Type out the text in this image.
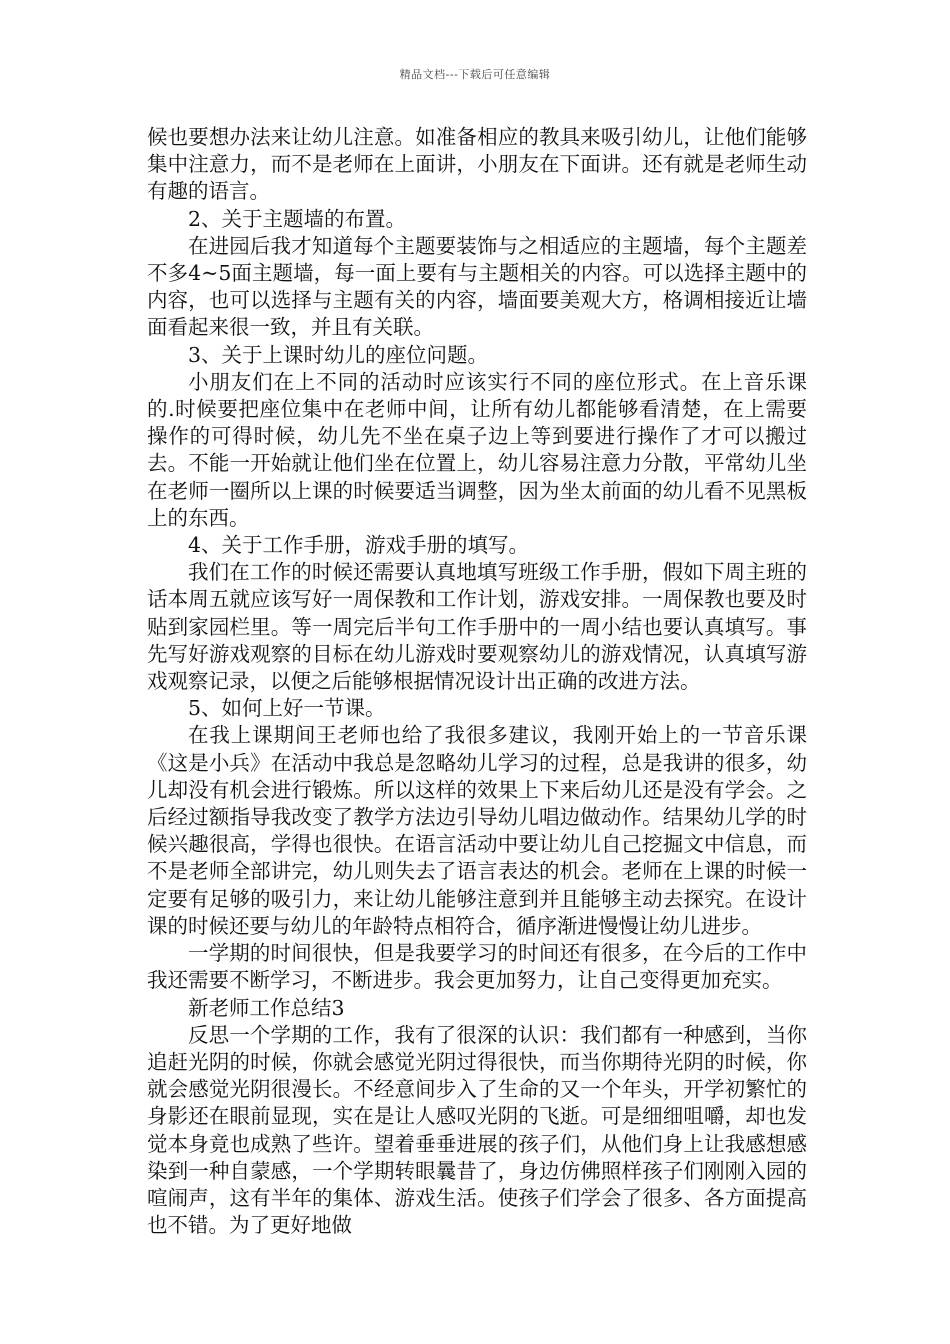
精品文档---下载后可任意编辑

候也要想办法来让幼儿注意。如准备相应的教具来吸引幼儿，让他们能够集中注意力，而不是老师在上面讲，小朋友在下面讲。还有就是老师生动有趣的语言。

2、关于主题墙的布置。

在进园后我才知道每个主题要装饰与之相适应的主题墙，每个主题差不多4~5面主题墙，每一面上要有与主题相关的内容。可以选择主题中的内容，也可以选择与主题有关的内容，墙面要美观大方，格调相接近让墙面看起来很一致，并且有关联。

3、关于上课时幼儿的座位问题。

小朋友们在上不同的活动时应该实行不同的座位形式。在上音乐课的.时候要把座位集中在老师中间，让所有幼儿都能够看清楚，在上需要操作的可得时候，幼儿先不坐在桌子边上等到要进行操作了才可以搬过去。不能一开始就让他们坐在位置上，幼儿容易注意力分散，平常幼儿坐在老师一圈所以上课的时候要适当调整，因为坐太前面的幼儿看不见黑板上的东西。

4、关于工作手册，游戏手册的填写。

我们在工作的时候还需要认真地填写班级工作手册，假如下周主班的话本周五就应该写好一周保教和工作计划，游戏安排。一周保教也要及时贴到家园栏里。等一周完后半句工作手册中的一周小结也要认真填写。事先写好游戏观察的目标在幼儿游戏时要观察幼儿的游戏情况，认真填写游戏观察记录，以便之后能够根据情况设计出正确的改进方法。

5、如何上好一节课。

在我上课期间王老师也给了我很多建议，我刚开始上的一节音乐课《这是小兵》在活动中我总是忽略幼儿学习的过程，总是我讲的很多，幼儿却没有机会进行锻炼。所以这样的效果上下来后幼儿还是没有学会。之后经过额指导我改变了教学方法边引导幼儿唱边做动作。结果幼儿学的时候兴趣很高，学得也很快。在语言活动中要让幼儿自己挖掘文中信息，而不是老师全部讲完，幼儿则失去了语言表达的机会。老师在上课的时候一定要有足够的吸引力，来让幼儿能够注意到并且能够主动去探究。在设计课的时候还要与幼儿的年龄特点相符合，循序渐进慢慢让幼儿进步。

一学期的时间很快，但是我要学习的时间还有很多，在今后的工作中我还需要不断学习，不断进步。我会更加努力，让自己变得更加充实。

新老师工作总结3

反思一个学期的工作，我有了很深的认识：我们都有一种感到，当你追赶光阴的时候，你就会感觉光阴过得很快，而当你期待光阴的时候，你就会感觉光阴很漫长。不经意间步入了生命的又一个年头，开学初繁忙的身影还在眼前显现，实在是让人感叹光阴的飞逝。可是细细咀嚼，却也发觉本身竟也成熟了些许。望着垂垂进展的孩子们，从他们身上让我感想感染到一种自蒙感，一个学期转眼曩昔了，身边仿佛照样孩子们刚刚入园的喧闹声，这有半年的集体、游戏生活。使孩子们学会了很多、各方面提高也不错。为了更好地做
